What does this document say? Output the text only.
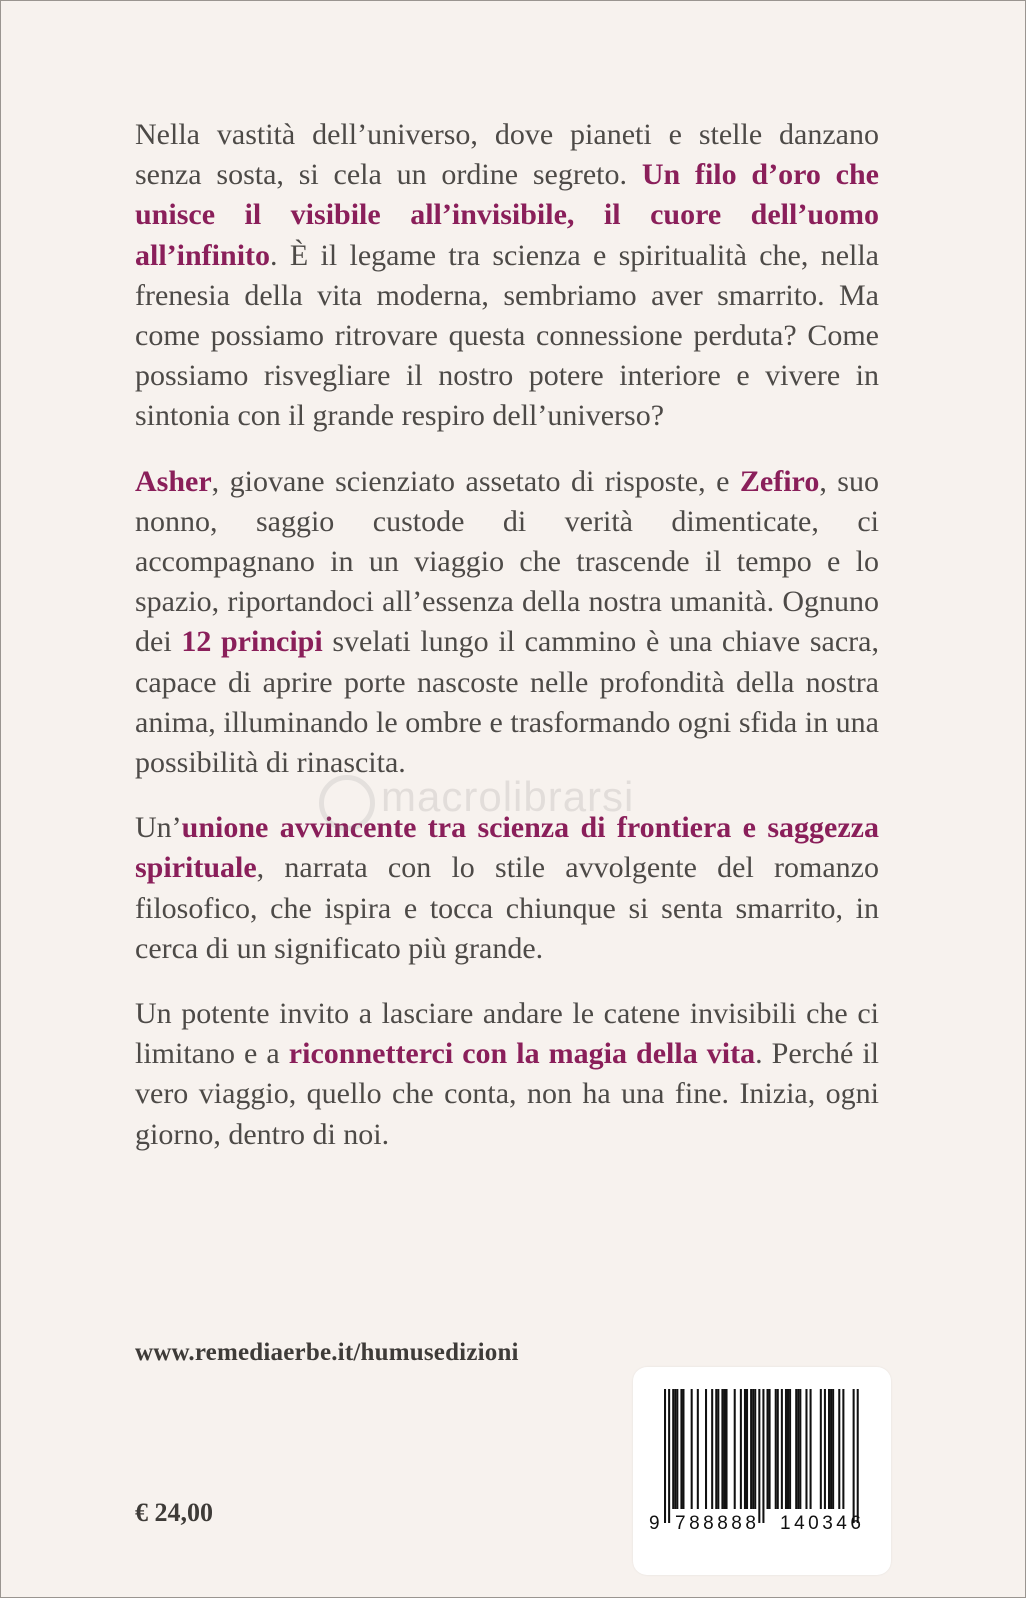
Nella vastità dell’universo, dove pianeti e stelle danzano senza sosta, si cela un ordine segreto. Un filo d’oro che unisce il visibile all’invisibile, il cuore dell’uomo all’infinito. È il legame tra scienza e spiritualità che, nella frenesia della vita moderna, sembriamo aver smarrito. Ma come possiamo ritrovare questa connessione perduta? Come possiamo risvegliare il nostro potere interiore e vivere in sintonia con il grande respiro dell’universo?

Asher, giovane scienziato assetato di risposte, e Zefiro, suo nonno, saggio custode di verità dimenticate, ci accompagnano in un viaggio che trascende il tempo e lo spazio, riportandoci all’essenza della nostra umanità. Ognuno dei 12 principi svelati lungo il cammino è una chiave sacra, capace di aprire porte nascoste nelle profondità della nostra anima, illuminando le ombre e trasformando ogni sfida in una possibilità di rinascita.

Un’unione avvincente tra scienza di frontiera e saggezza spirituale, narrata con lo stile avvolgente del romanzo filosofico, che ispira e tocca chiunque si senta smarrito, in cerca di un significato più grande.

Un potente invito a lasciare andare le catene invisibili che ci limitano e a riconnetterci con la magia della vita. Perché il vero viaggio, quello che conta, non ha una fine. Inizia, ogni giorno, dentro di noi.

macrolibrarsi
www.remediaerbe.it/humusedizioni
€ 24,00	9 788888 140346
